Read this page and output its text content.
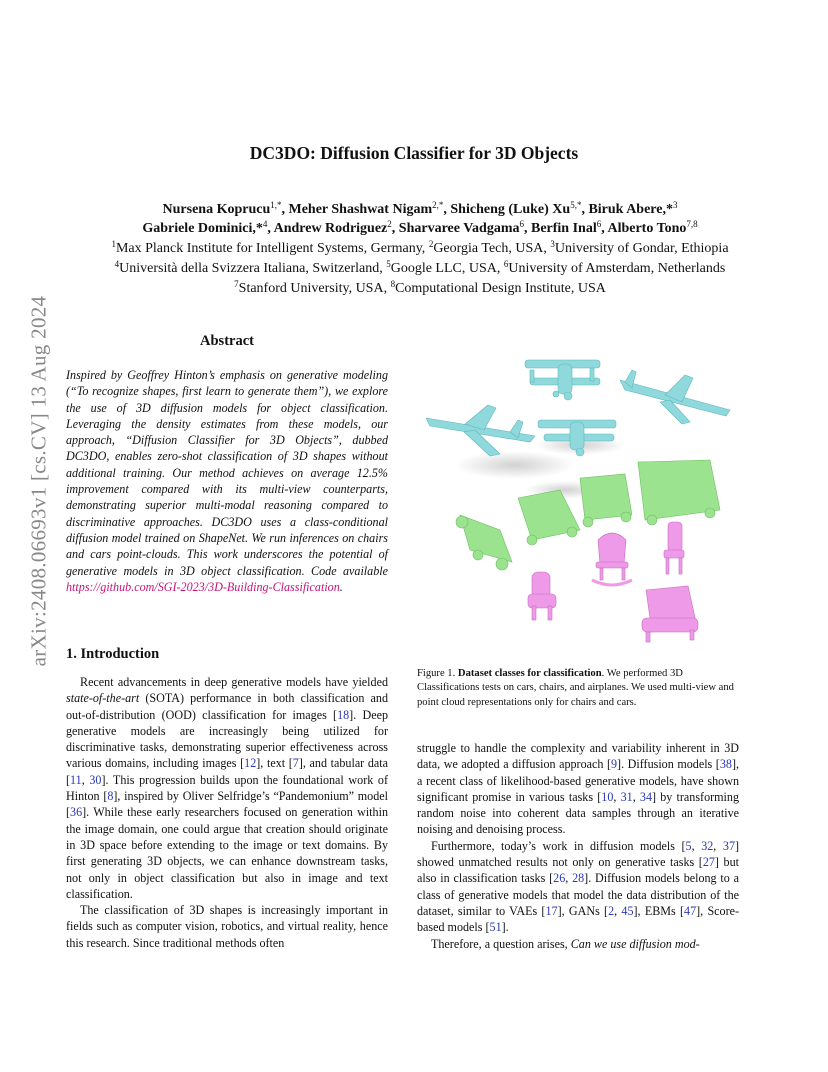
arXiv:2408.06693v1 [cs.CV] 13 Aug 2024
DC3DO: Diffusion Classifier for 3D Objects
Nursena Koprucu$^{1,*}$, Meher Shashwat Nigam$^{2,*}$, Shicheng (Luke) $Xu^{5,*}$, Biruk Abere,*$^3$
Gabriele Dominici,*$^4$, Andrew Rodriguez$^2$, Sharvaree Vadgama$^6$, Berfin Inal$^6$, Alberto Tono$^{7,8}$
$^1$Max Planck Institute for Intelligent Systems, Germany, $^2$Georgia Tech, USA, $^3$University of Gondar, Ethiopia
$^4$Università della Svizzera Italiana, Switzerland, $^5$Google LLC, USA, $^6$University of Amsterdam, Netherlands
$^7$Stanford University, USA, $^8$Computational Design Institute, USA
Abstract
Inspired by Geoffrey Hinton’s emphasis on generative modeling (“To recognize shapes, first learn to generate them”), we explore the use of 3D diffusion models for object classification. Leveraging the density estimates from these models, our approach, “Diffusion Classifier for 3D Objects”, dubbed DC3DO, enables zero-shot classification of 3D shapes without additional training. Our method achieves on average 12.5% improvement compared with its multi-view counterparts, demonstrating superior multi-modal reasoning compared to discriminative approaches. DC3DO uses a class-conditional diffusion model trained on ShapeNet. We run inferences on chairs and cars point-clouds. This work underscores the potential of generative models in 3D object classification. Code available https://github.com/SGI-2023/3D-Building-Classification.
Figure 1. Dataset classes for classification. We performed 3D Classifications tests on cars, chairs, and airplanes. We used multi-view and point cloud representations only for chairs and cars.
1. Introduction

Recent advancements in deep generative models have yielded state-of-the-art (SOTA) performance in both classification and out-of-distribution (OOD) classification for images [18]. Deep generative models are increasingly being utilized for discriminative tasks, demonstrating superior effectiveness across various domains, including images [12], text [7], and tabular data [11, 30]. This progression builds upon the foundational work of Hinton [8], inspired by Oliver Selfridge’s “Pandemonium” model [36]. While these early researchers focused on generation within the image domain, one could argue that creation should originate in 3D space before extending to the image or text domains. By first generating 3D objects, we can enhance downstream tasks, not only in object classification but also in image and text classification.

The classification of 3D shapes is increasingly important in fields such as computer vision, robotics, and virtual reality, hence this research. Since traditional methods often

struggle to handle the complexity and variability inherent in 3D data, we adopted a diffusion approach [9]. Diffusion models [38], a recent class of likelihood-based generative models, have shown significant promise in various tasks [10, 31, 34] by transforming random noise into coherent data samples through an iterative noising and denoising process.

Furthermore, today’s work in diffusion models [5, 32, 37] showed unmatched results not only on generative tasks [27] but also in classification tasks [26, 28]. Diffusion models belong to a class of generative models that model the data distribution of the dataset, similar to VAEs [17], GANs [2, 45], EBMs [47], Score-based models [51].

Therefore, a question arises, Can we use diffusion mod-
